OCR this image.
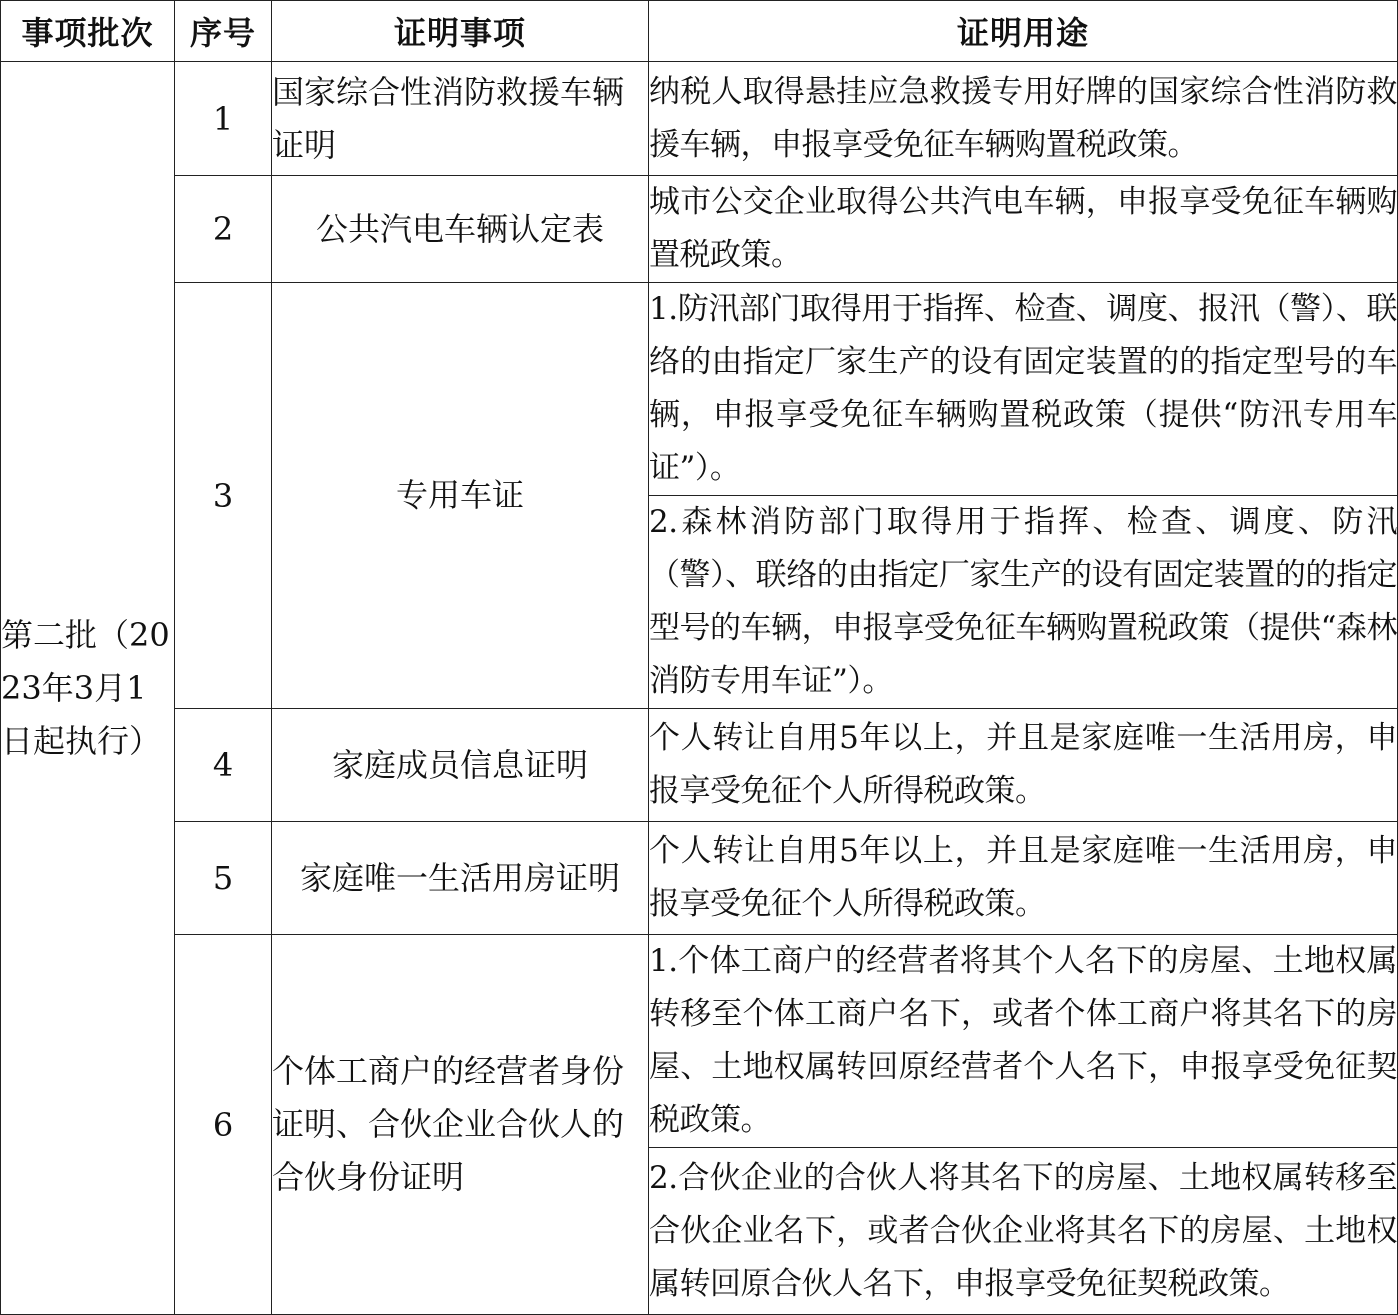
事项批次	序号	证明事项	证明用途
第二批（2023年3月1日起执行）	1	国家综合性消防救援车辆证明	纳税人取得悬挂应急救援专用好牌的国家综合性消防救援车辆，申报享受免征车辆购置税政策。
	2	公共汽电车辆认定表	城市公交企业取得公共汽电车辆，申报享受免征车辆购置税政策。
	3	专用车证	1.防汛部门取得用于指挥、检查、调度、报汛（警）、联络的由指定厂家生产的设有固定装置的的指定型号的车辆，申报享受免征车辆购置税政策（提供“防汛专用车证”）。
			2.森林消防部门取得用于指挥、检查、调度、防汛（警）、联络的由指定厂家生产的设有固定装置的的指定型号的车辆，申报享受免征车辆购置税政策（提供“森林消防专用车证”）。
	4	家庭成员信息证明	个人转让自用5年以上，并且是家庭唯一生活用房，申报享受免征个人所得税政策。
	5	家庭唯一生活用房证明	个人转让自用5年以上，并且是家庭唯一生活用房，申报享受免征个人所得税政策。
	6	个体工商户的经营者身份证明、合伙企业合伙人的合伙身份证明	1.个体工商户的经营者将其个人名下的房屋、土地权属转移至个体工商户名下，或者个体工商户将其名下的房屋、土地权属转回原经营者个人名下，申报享受免征契税政策。
			2.合伙企业的合伙人将其名下的房屋、土地权属转移至合伙企业名下，或者合伙企业将其名下的房屋、土地权属转回原合伙人名下，申报享受免征契税政策。
